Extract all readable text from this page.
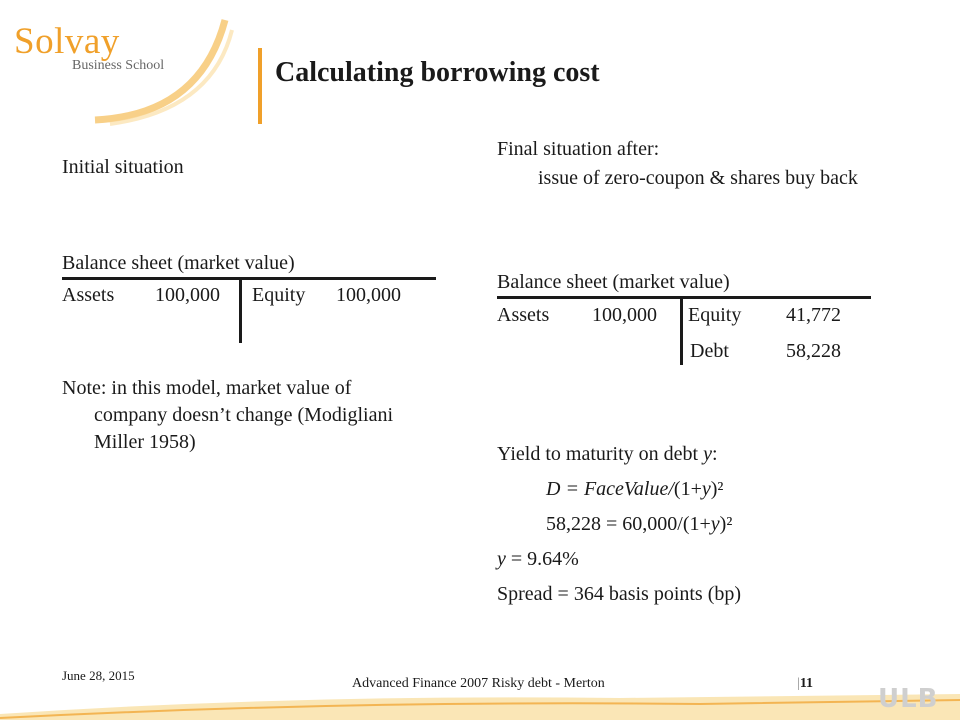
Solvay
Business School	Calculating borrowing cost
Initial situation
Balance sheet (market value)
Assets 100,000 Equity 100,000
Note: in this model, market value of
company doesn’t change (Modigliani
Miller 1958)
Final situation after:
issue of zero-coupon & shares buy back
Balance sheet (market value)
Assets 100,000 Equity 41,772
Debt	58,228
Yield to maturity on debt y:
D = FaceValue/(1+y)²
58,228 = 60,000/(1+y)²
y = 9.64%
Spread = 364 basis points (bp)
June 28, 2015
Advanced Finance 2007 Risky debt - Merton	|11
ULB
